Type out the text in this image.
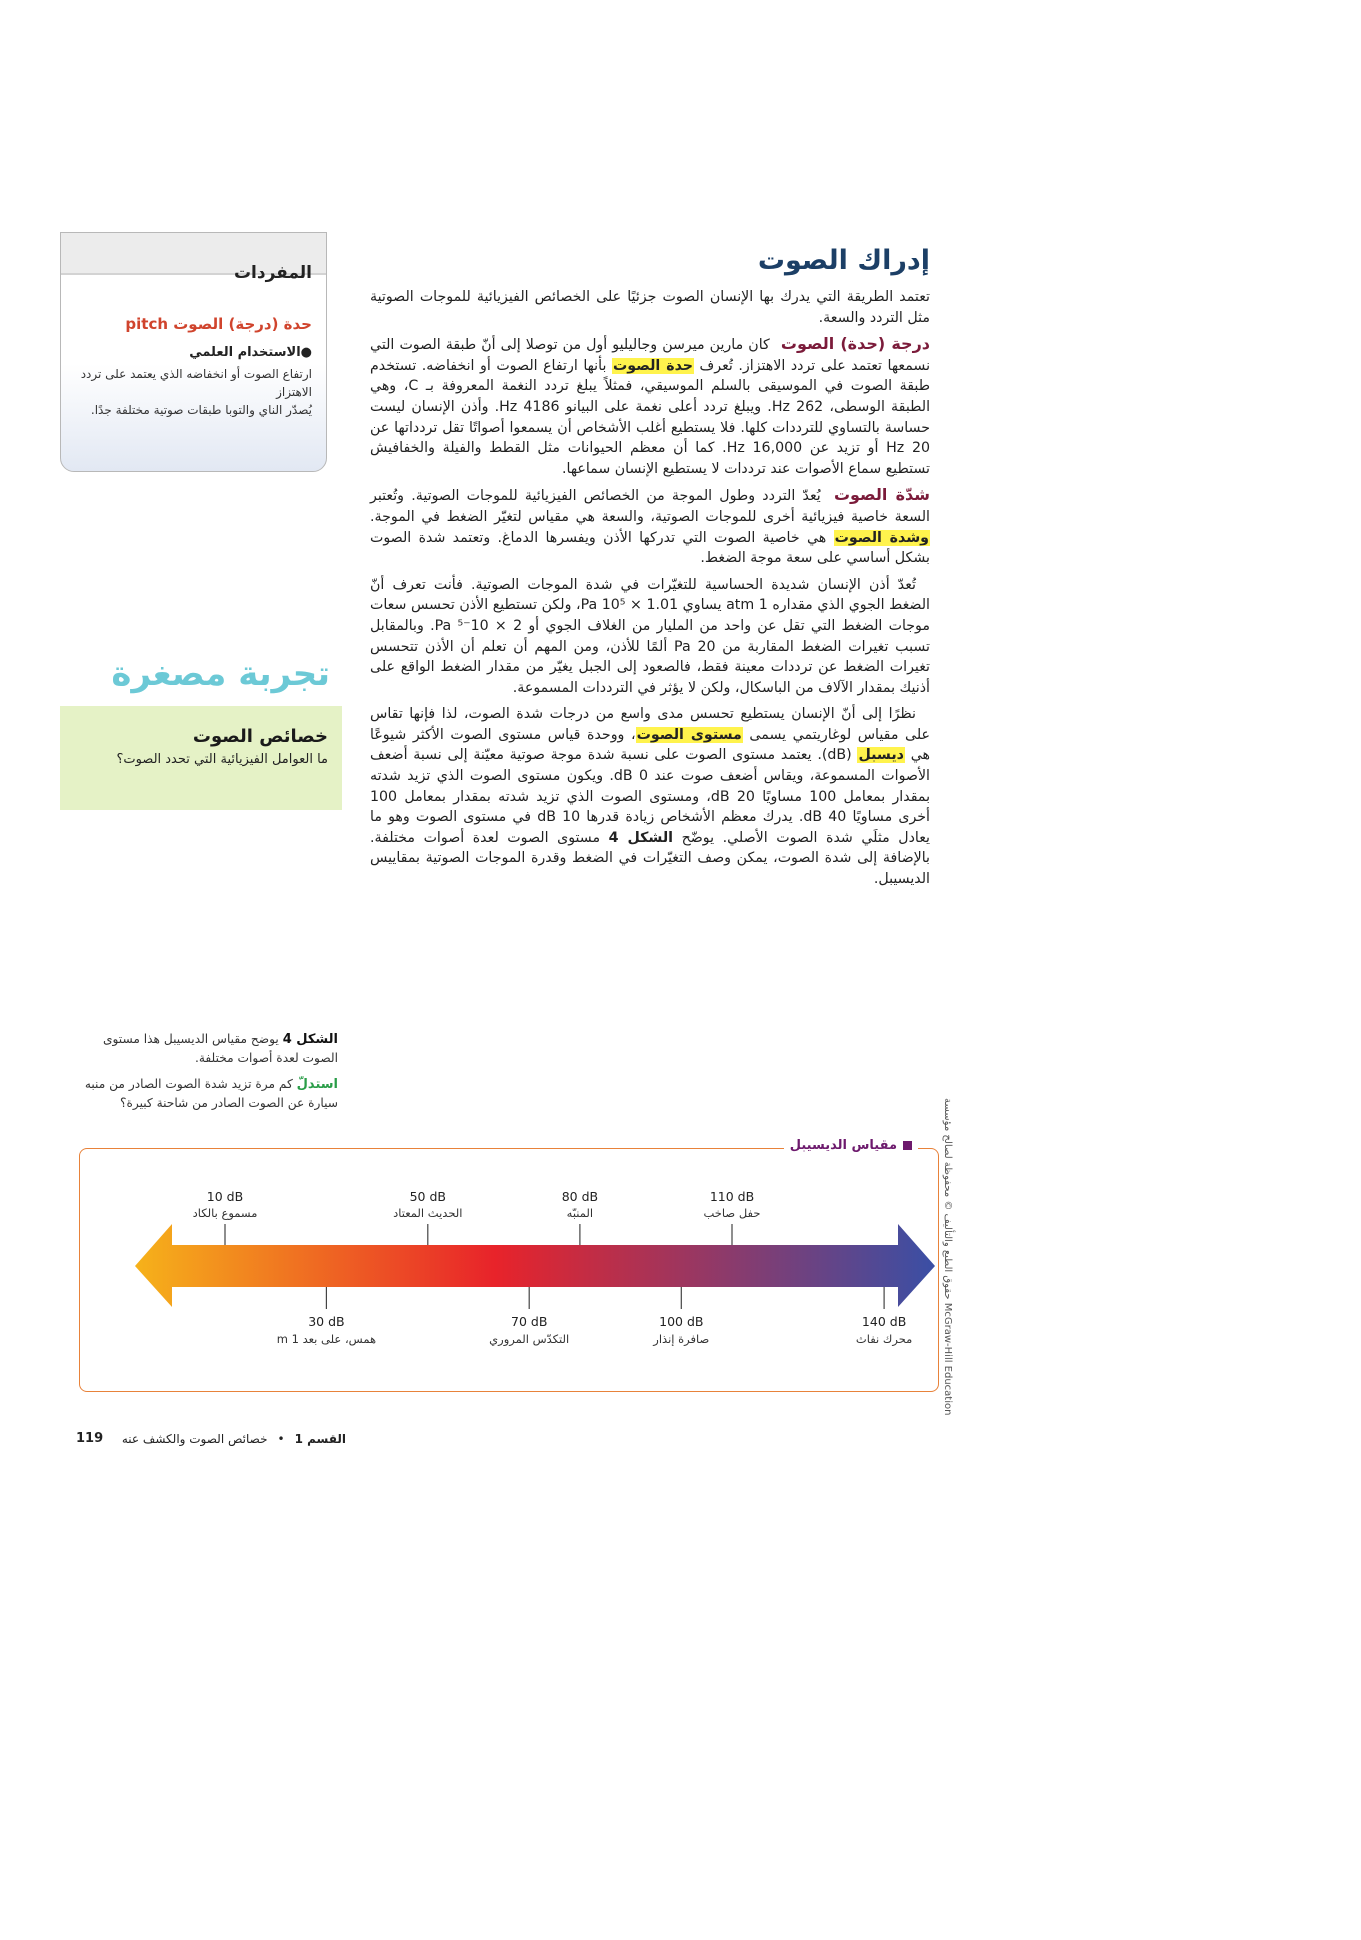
إدراك الصوت

تعتمد الطريقة التي يدرك بها الإنسان الصوت جزئيًا على الخصائص الفيزيائية للموجات الصوتية مثل التردد والسعة.

درجة (حدة) الصوت كان مارين ميرسن وجاليليو أول من توصلا إلى أنّ طبقة الصوت التي نسمعها تعتمد على تردد الاهتزاز. تُعرف حدة الصوت بأنها ارتفاع الصوت أو انخفاضه. تستخدم طبقة الصوت في الموسيقى بالسلم الموسيقي، فمثلاً يبلغ تردد النغمة المعروفة بـ C، وهي الطبقة الوسطى، 262 Hz. ويبلغ تردد أعلى نغمة على البيانو 4186 Hz. وأذن الإنسان ليست حساسة بالتساوي للترددات كلها. فلا يستطيع أغلب الأشخاص أن يسمعوا أصواتًا تقل تردداتها عن 20 Hz أو تزيد عن 16,000 Hz. كما أن معظم الحيوانات مثل القطط والفيلة والخفافيش تستطيع سماع الأصوات عند ترددات لا يستطيع الإنسان سماعها.

شدّة الصوت يُعدّ التردد وطول الموجة من الخصائص الفيزيائية للموجات الصوتية. وتُعتبر السعة خاصية فيزيائية أخرى للموجات الصوتية، والسعة هي مقياس لتغيّر الضغط في الموجة. وشدة الصوت هي خاصية الصوت التي تدركها الأذن ويفسرها الدماغ. وتعتمد شدة الصوت بشكل أساسي على سعة موجة الضغط.

تُعدّ أذن الإنسان شديدة الحساسية للتغيّرات في شدة الموجات الصوتية. فأنت تعرف أنّ الضغط الجوي الذي مقداره 1 atm يساوي 1.01 × 10⁵ Pa، ولكن تستطيع الأذن تحسس سعات موجات الضغط التي تقل عن واحد من المليار من الغلاف الجوي أو 2 × 10⁻⁵ Pa. وبالمقابل تسبب تغيرات الضغط المقاربة من 20 Pa ألمًا للأذن، ومن المهم أن تعلم أن الأذن تتحسس تغيرات الضغط عن ترددات معينة فقط، فالصعود إلى الجبل يغيّر من مقدار الضغط الواقع على أذنيك بمقدار الآلاف من الباسكال، ولكن لا يؤثر في الترددات المسموعة.

نظرًا إلى أنّ الإنسان يستطيع تحسس مدى واسع من درجات شدة الصوت، لذا فإنها تقاس على مقياس لوغاريتمي يسمى مستوى الصوت، ووحدة قياس مستوى الصوت الأكثر شيوعًا هي ديسبل (dB). يعتمد مستوى الصوت على نسبة شدة موجة صوتية معيّنة إلى نسبة أضعف الأصوات المسموعة، ويقاس أضعف صوت عند 0 dB. ويكون مستوى الصوت الذي تزيد شدته بمقدار بمعامل 100 مساويًا 20 dB، ومستوى الصوت الذي تزيد شدته بمقدار بمعامل 100 أخرى مساويًا 40 dB. يدرك معظم الأشخاص زيادة قدرها 10 dB في مستوى الصوت وهو ما يعادل مثلَي شدة الصوت الأصلي. يوضّح الشكل 4 مستوى الصوت لعدة أصوات مختلفة. بالإضافة إلى شدة الصوت، يمكن وصف التغيّرات في الضغط وقدرة الموجات الصوتية بمقاييس الديسيبل.

المفردات
حدة (درجة) الصوت pitch
●الاستخدام العلمي
ارتفاع الصوت أو انخفاضه الذي يعتمد على تردد الاهتزاز
يُصدّر الناي والتوبا طبقات صوتية مختلفة جدًا.
تجربة مصغرة
خصائص الصوت
ما العوامل الفيزيائية التي تحدد الصوت؟

الشكل 4 يوضح مقياس الديسيبل هذا مستوى الصوت لعدة أصوات مختلفة.

استدلّ كم مرة تزيد شدة الصوت الصادر من منبه سيارة عن الصوت الصادر من شاحنة كبيرة؟

مقياس الديسيبل
10 dB
مسموع بالكاد
50 dB
الحديث المعتاد
80 dB
المنبّه
110 dB
حفل صاخب
30 dB
همس، على بعد 1 m
70 dB
التكدّس المروري
100 dB
صافرة إنذار
140 dB
محرك نفاث
حقوق الطبع والتأليف © محفوظة لصالح مؤسسة McGraw-Hill Education
القسم 1
•
خصائص الصوت والكشف عنه
119
